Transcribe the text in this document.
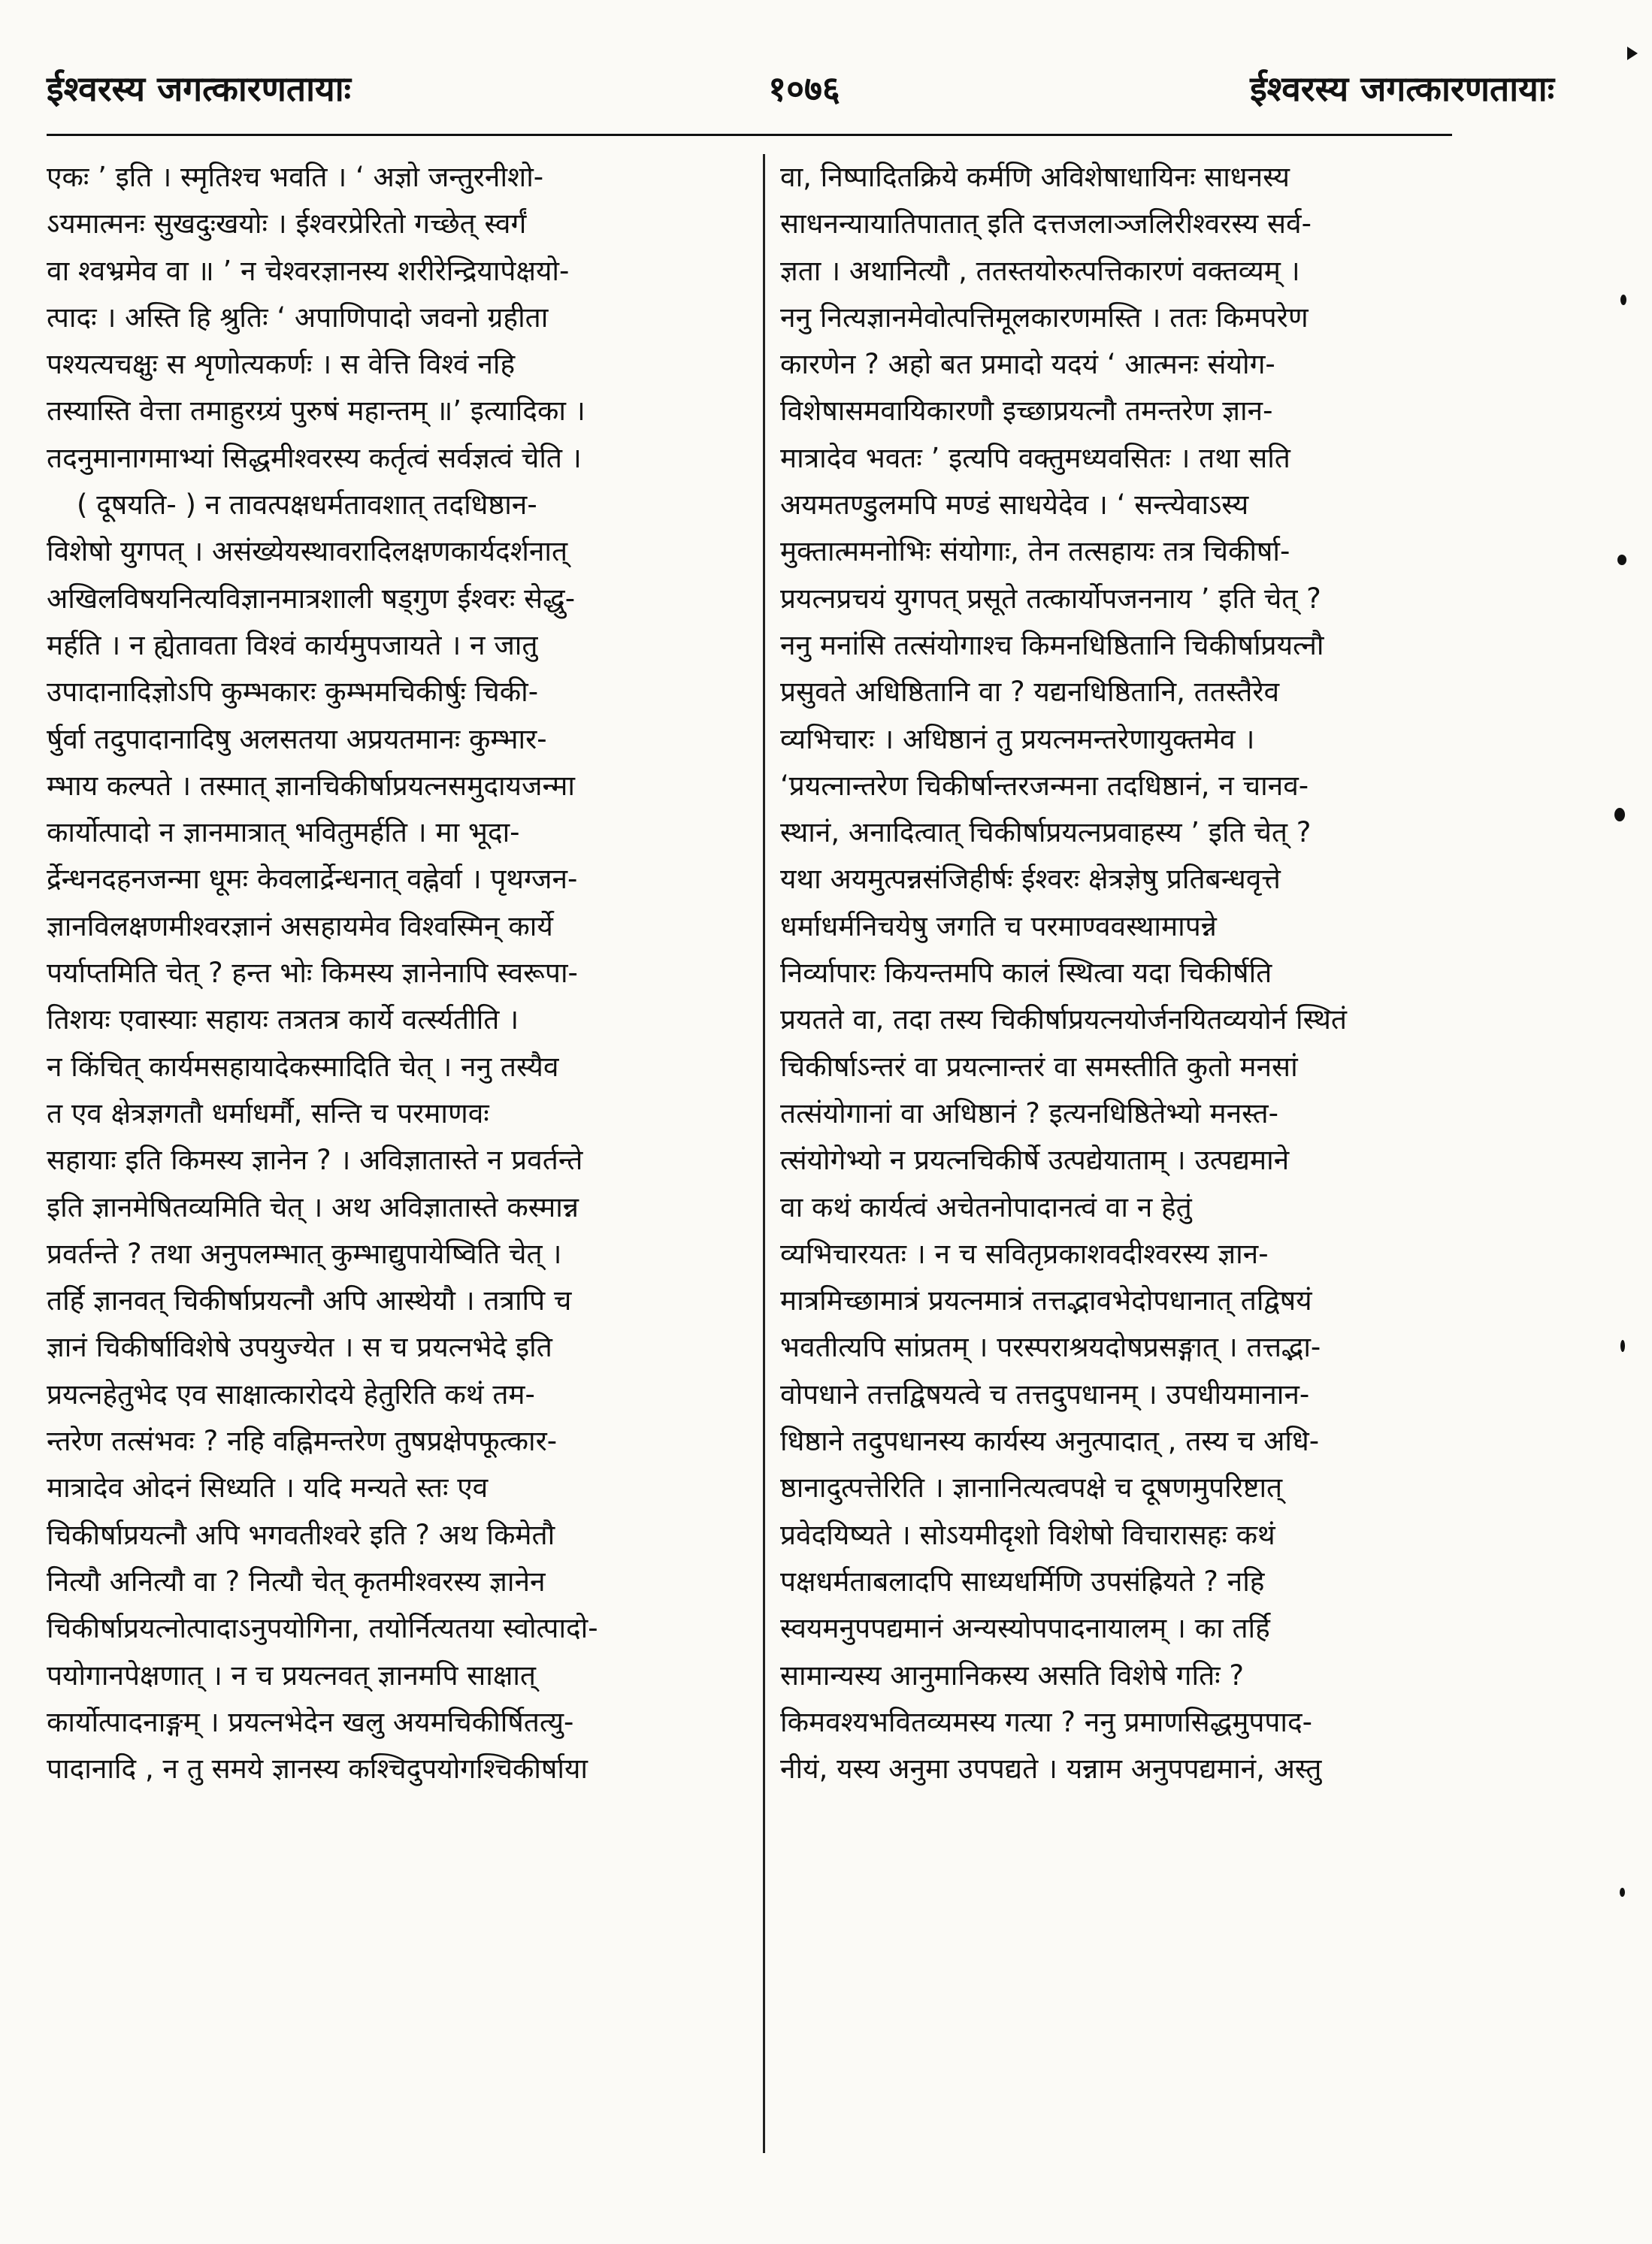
ईश्वरस्य जगत्कारणतायाः	१०७६	ईश्वरस्य जगत्कारणतायाः
एकः ’ इति । स्मृतिश्च भवति । ‘ अज्ञो जन्तुरनीशो-
ऽयमात्मनः सुखदुःखयोः । ईश्वरप्रेरितो गच्छेत् स्वर्गं
वा श्वभ्रमेव वा ॥ ’ न चेश्वरज्ञानस्य शरीरेन्द्रियापेक्षयो-
त्पादः । अस्ति हि श्रुतिः ‘ अपाणिपादो जवनो ग्रहीता
पश्यत्यचक्षुः स शृणोत्यकर्णः । स वेत्ति विश्वं नहि
तस्यास्ति वेत्ता तमाहुरग्र्यं पुरुषं महान्तम् ॥’ इत्यादिका ।
तदनुमानागमाभ्यां सिद्धमीश्वरस्य कर्तृत्वं सर्वज्ञत्वं चेति ।
( दूषयति- ) न तावत्पक्षधर्मतावशात् तदधिष्ठान-
विशेषो युगपत् । असंख्येयस्थावरादिलक्षणकार्यदर्शनात्
अखिलविषयनित्यविज्ञानमात्रशाली षड्गुण ईश्वरः सेद्धु-
मर्हति । न ह्येतावता विश्वं कार्यमुपजायते । न जातु
उपादानादिज्ञोऽपि कुम्भकारः कुम्भमचिकीर्षुः चिकी-
र्षुर्वा तदुपादानादिषु अलसतया अप्रयतमानः कुम्भार-
म्भाय कल्पते । तस्मात् ज्ञानचिकीर्षाप्रयत्नसमुदायजन्मा
कार्योत्पादो न ज्ञानमात्रात् भवितुमर्हति । मा भूदा-
र्द्रेन्धनदहनजन्मा धूमः केवलार्द्रेन्धनात् वह्नेर्वा । पृथग्जन-
ज्ञानविलक्षणमीश्वरज्ञानं असहायमेव विश्वस्मिन् कार्ये
पर्याप्तमिति चेत् ? हन्त भोः किमस्य ज्ञानेनापि स्वरूपा-
तिशयः एवास्याः सहायः तत्रतत्र कार्ये वर्त्स्यतीति ।
न किंचित् कार्यमसहायादेकस्मादिति चेत् । ननु तस्यैव
त एव क्षेत्रज्ञगतौ धर्माधर्मौ, सन्ति च परमाणवः
सहायाः इति किमस्य ज्ञानेन ? । अविज्ञातास्ते न प्रवर्तन्ते
इति ज्ञानमेषितव्यमिति चेत् । अथ अविज्ञातास्ते कस्मान्न
प्रवर्तन्ते ? तथा अनुपलम्भात् कुम्भाद्युपायेष्विति चेत् ।
तर्हि ज्ञानवत् चिकीर्षाप्रयत्नौ अपि आस्थेयौ । तत्रापि च
ज्ञानं चिकीर्षाविशेषे उपयुज्येत । स च प्रयत्नभेदे इति
प्रयत्नहेतुभेद एव साक्षात्कारोदये हेतुरिति कथं तम-
न्तरेण तत्संभवः ? नहि वह्निमन्तरेण तुषप्रक्षेपफूत्कार-
मात्रादेव ओदनं सिध्यति । यदि मन्यते स्तः एव
चिकीर्षाप्रयत्नौ अपि भगवतीश्वरे इति ? अथ किमेतौ
नित्यौ अनित्यौ वा ? नित्यौ चेत् कृतमीश्वरस्य ज्ञानेन
चिकीर्षाप्रयत्नोत्पादाऽनुपयोगिना, तयोर्नित्यतया स्वोत्पादो-
पयोगानपेक्षणात् । न च प्रयत्नवत् ज्ञानमपि साक्षात्
कार्योत्पादनाङ्गम् । प्रयत्नभेदेन खलु अयमचिकीर्षितत्यु-
पादानादि , न तु समये ज्ञानस्य कश्चिदुपयोगश्चिकीर्षाया
वा, निष्पादितक्रिये कर्मणि अविशेषाधायिनः साधनस्य
साधनन्यायातिपातात् इति दत्तजलाञ्जलिरीश्वरस्य सर्व-
ज्ञता । अथानित्यौ , ततस्तयोरुत्पत्तिकारणं वक्तव्यम् ।
ननु नित्यज्ञानमेवोत्पत्तिमूलकारणमस्ति । ततः किमपरेण
कारणेन ? अहो बत प्रमादो यदयं ‘ आत्मनः संयोग-
विशेषासमवायिकारणौ इच्छाप्रयत्नौ तमन्तरेण ज्ञान-
मात्रादेव भवतः ’ इत्यपि वक्तुमध्यवसितः । तथा सति
अयमतण्डुलमपि मण्डं साधयेदेव । ‘ सन्त्येवाऽस्य
मुक्तात्ममनोभिः संयोगाः, तेन तत्सहायः तत्र चिकीर्षा-
प्रयत्नप्रचयं युगपत् प्रसूते तत्कार्योपजननाय ’ इति चेत् ?
ननु मनांसि तत्संयोगाश्च किमनधिष्ठितानि चिकीर्षाप्रयत्नौ
प्रसुवते अधिष्ठितानि वा ? यद्यनधिष्ठितानि, ततस्तैरेव
व्यभिचारः । अधिष्ठानं तु प्रयत्नमन्तरेणायुक्तमेव ।
‘प्रयत्नान्तरेण चिकीर्षान्तरजन्मना तदधिष्ठानं, न चानव-
स्थानं, अनादित्वात् चिकीर्षाप्रयत्नप्रवाहस्य ’ इति चेत् ?
यथा अयमुत्पन्नसंजिहीर्षः ईश्वरः क्षेत्रज्ञेषु प्रतिबन्धवृत्ते
धर्माधर्मनिचयेषु जगति च परमाण्ववस्थामापन्ने
निर्व्यापारः कियन्तमपि कालं स्थित्वा यदा चिकीर्षति
प्रयतते वा, तदा तस्य चिकीर्षाप्रयत्नयोर्जनयितव्ययोर्न स्थितं
चिकीर्षाऽन्तरं वा प्रयत्नान्तरं वा समस्तीति कुतो मनसां
तत्संयोगानां वा अधिष्ठानं ? इत्यनधिष्ठितेभ्यो मनस्त-
त्संयोगेभ्यो न प्रयत्नचिकीर्षे उत्पद्येयाताम् । उत्पद्यमाने
वा कथं कार्यत्वं अचेतनोपादानत्वं वा न हेतुं
व्यभिचारयतः । न च सवितृप्रकाशवदीश्वरस्य ज्ञान-
मात्रमिच्छामात्रं प्रयत्नमात्रं तत्तद्भावभेदोपधानात् तद्विषयं
भवतीत्यपि सांप्रतम् । परस्पराश्रयदोषप्रसङ्गात् । तत्तद्भा-
वोपधाने तत्तद्विषयत्वे च तत्तदुपधानम् । उपधीयमानान-
धिष्ठाने तदुपधानस्य कार्यस्य अनुत्पादात् , तस्य च अधि-
ष्ठानादुत्पत्तेरिति । ज्ञानानित्यत्वपक्षे च दूषणमुपरिष्टात्
प्रवेदयिष्यते । सोऽयमीदृशो विशेषो विचारासहः कथं
पक्षधर्मताबलादपि साध्यधर्मिणि उपसंह्रियते ? नहि
स्वयमनुपपद्यमानं अन्यस्योपपादनायालम् । का तर्हि
सामान्यस्य आनुमानिकस्य असति विशेषे गतिः ?
किमवश्यभवितव्यमस्य गत्या ? ननु प्रमाणसिद्धमुपपाद-
नीयं, यस्य अनुमा उपपद्यते । यन्नाम अनुपपद्यमानं, अस्तु
